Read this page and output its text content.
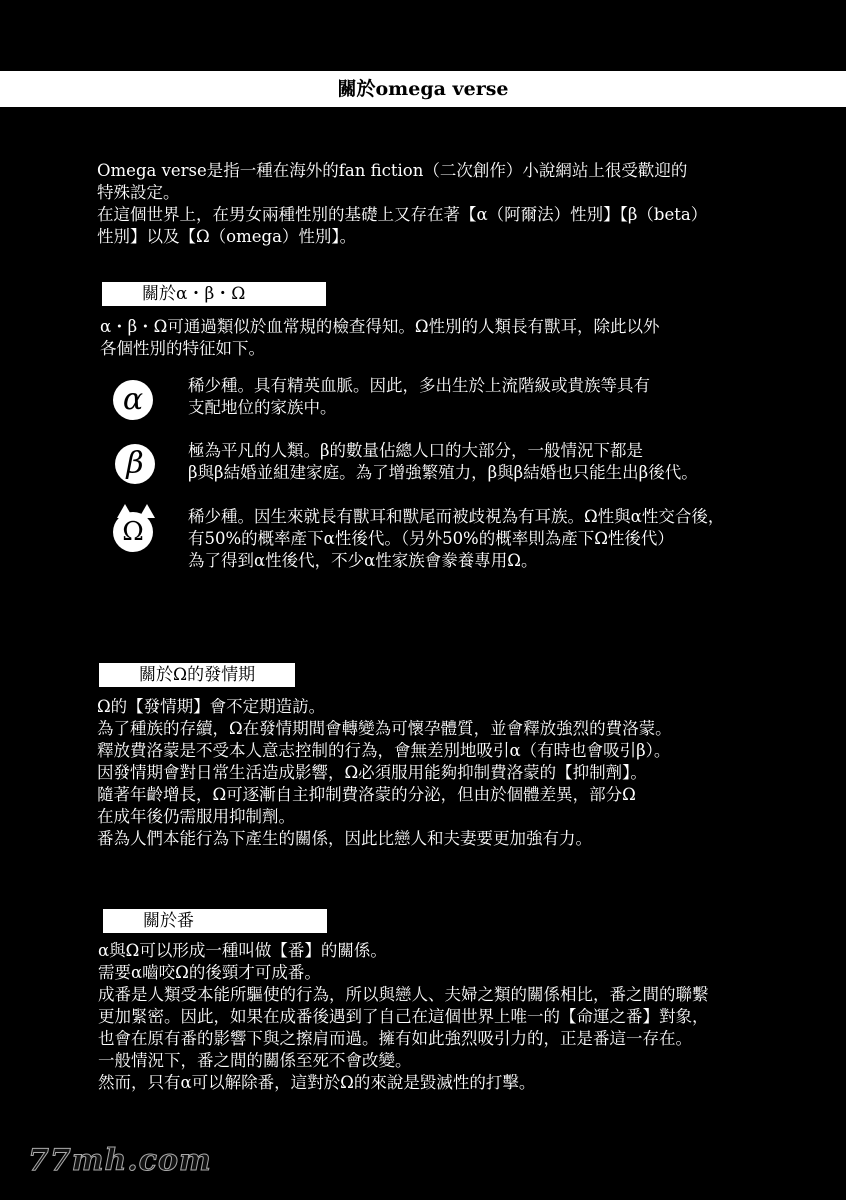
關於omega verse
Omega verse是指一種在海外的fan fiction（二次創作）小說網站上很受歡迎的
特殊設定。
在這個世界上，在男女兩種性別的基礎上又存在著【α（阿爾法）性別】【β（beta）
性別】以及【Ω（omega）性別】。
關於α・β・Ω
α・β・Ω可通過類似於血常規的檢查得知。Ω性別的人類長有獸耳，除此以外
各個性別的特征如下。
α	稀少種。具有精英血脈。因此，多出生於上流階級或貴族等具有
支配地位的家族中。
β	極為平凡的人類。β的數量佔總人口的大部分，一般情況下都是
β與β結婚並組建家庭。為了增強繁殖力，β與β結婚也只能生出β後代。
Ω
稀少種。因生來就長有獸耳和獸尾而被歧視為有耳族。Ω性與α性交合後，
有50%的概率產下α性後代。（另外50%的概率則為產下Ω性後代）
為了得到α性後代，不少α性家族會豢養專用Ω。
關於Ω的發情期
Ω的【發情期】會不定期造訪。
為了種族的存續，Ω在發情期間會轉變為可懷孕體質，並會釋放強烈的費洛蒙。
釋放費洛蒙是不受本人意志控制的行為，會無差別地吸引α（有時也會吸引β）。
因發情期會對日常生活造成影響，Ω必須服用能夠抑制費洛蒙的【抑制劑】。
隨著年齡增長，Ω可逐漸自主抑制費洛蒙的分泌，但由於個體差異，部分Ω
在成年後仍需服用抑制劑。
番為人們本能行為下產生的關係，因此比戀人和夫妻要更加強有力。
關於番
α與Ω可以形成一種叫做【番】的關係。
需要α嚙咬Ω的後頸才可成番。
成番是人類受本能所驅使的行為，所以與戀人、夫婦之類的關係相比，番之間的聯繫
更加緊密。因此，如果在成番後遇到了自己在這個世界上唯一的【命運之番】對象，
也會在原有番的影響下與之擦肩而過。擁有如此強烈吸引力的，正是番這一存在。
一般情況下，番之間的關係至死不會改變。
然而，只有α可以解除番，這對於Ω的來說是毀滅性的打擊。
77mh.com
